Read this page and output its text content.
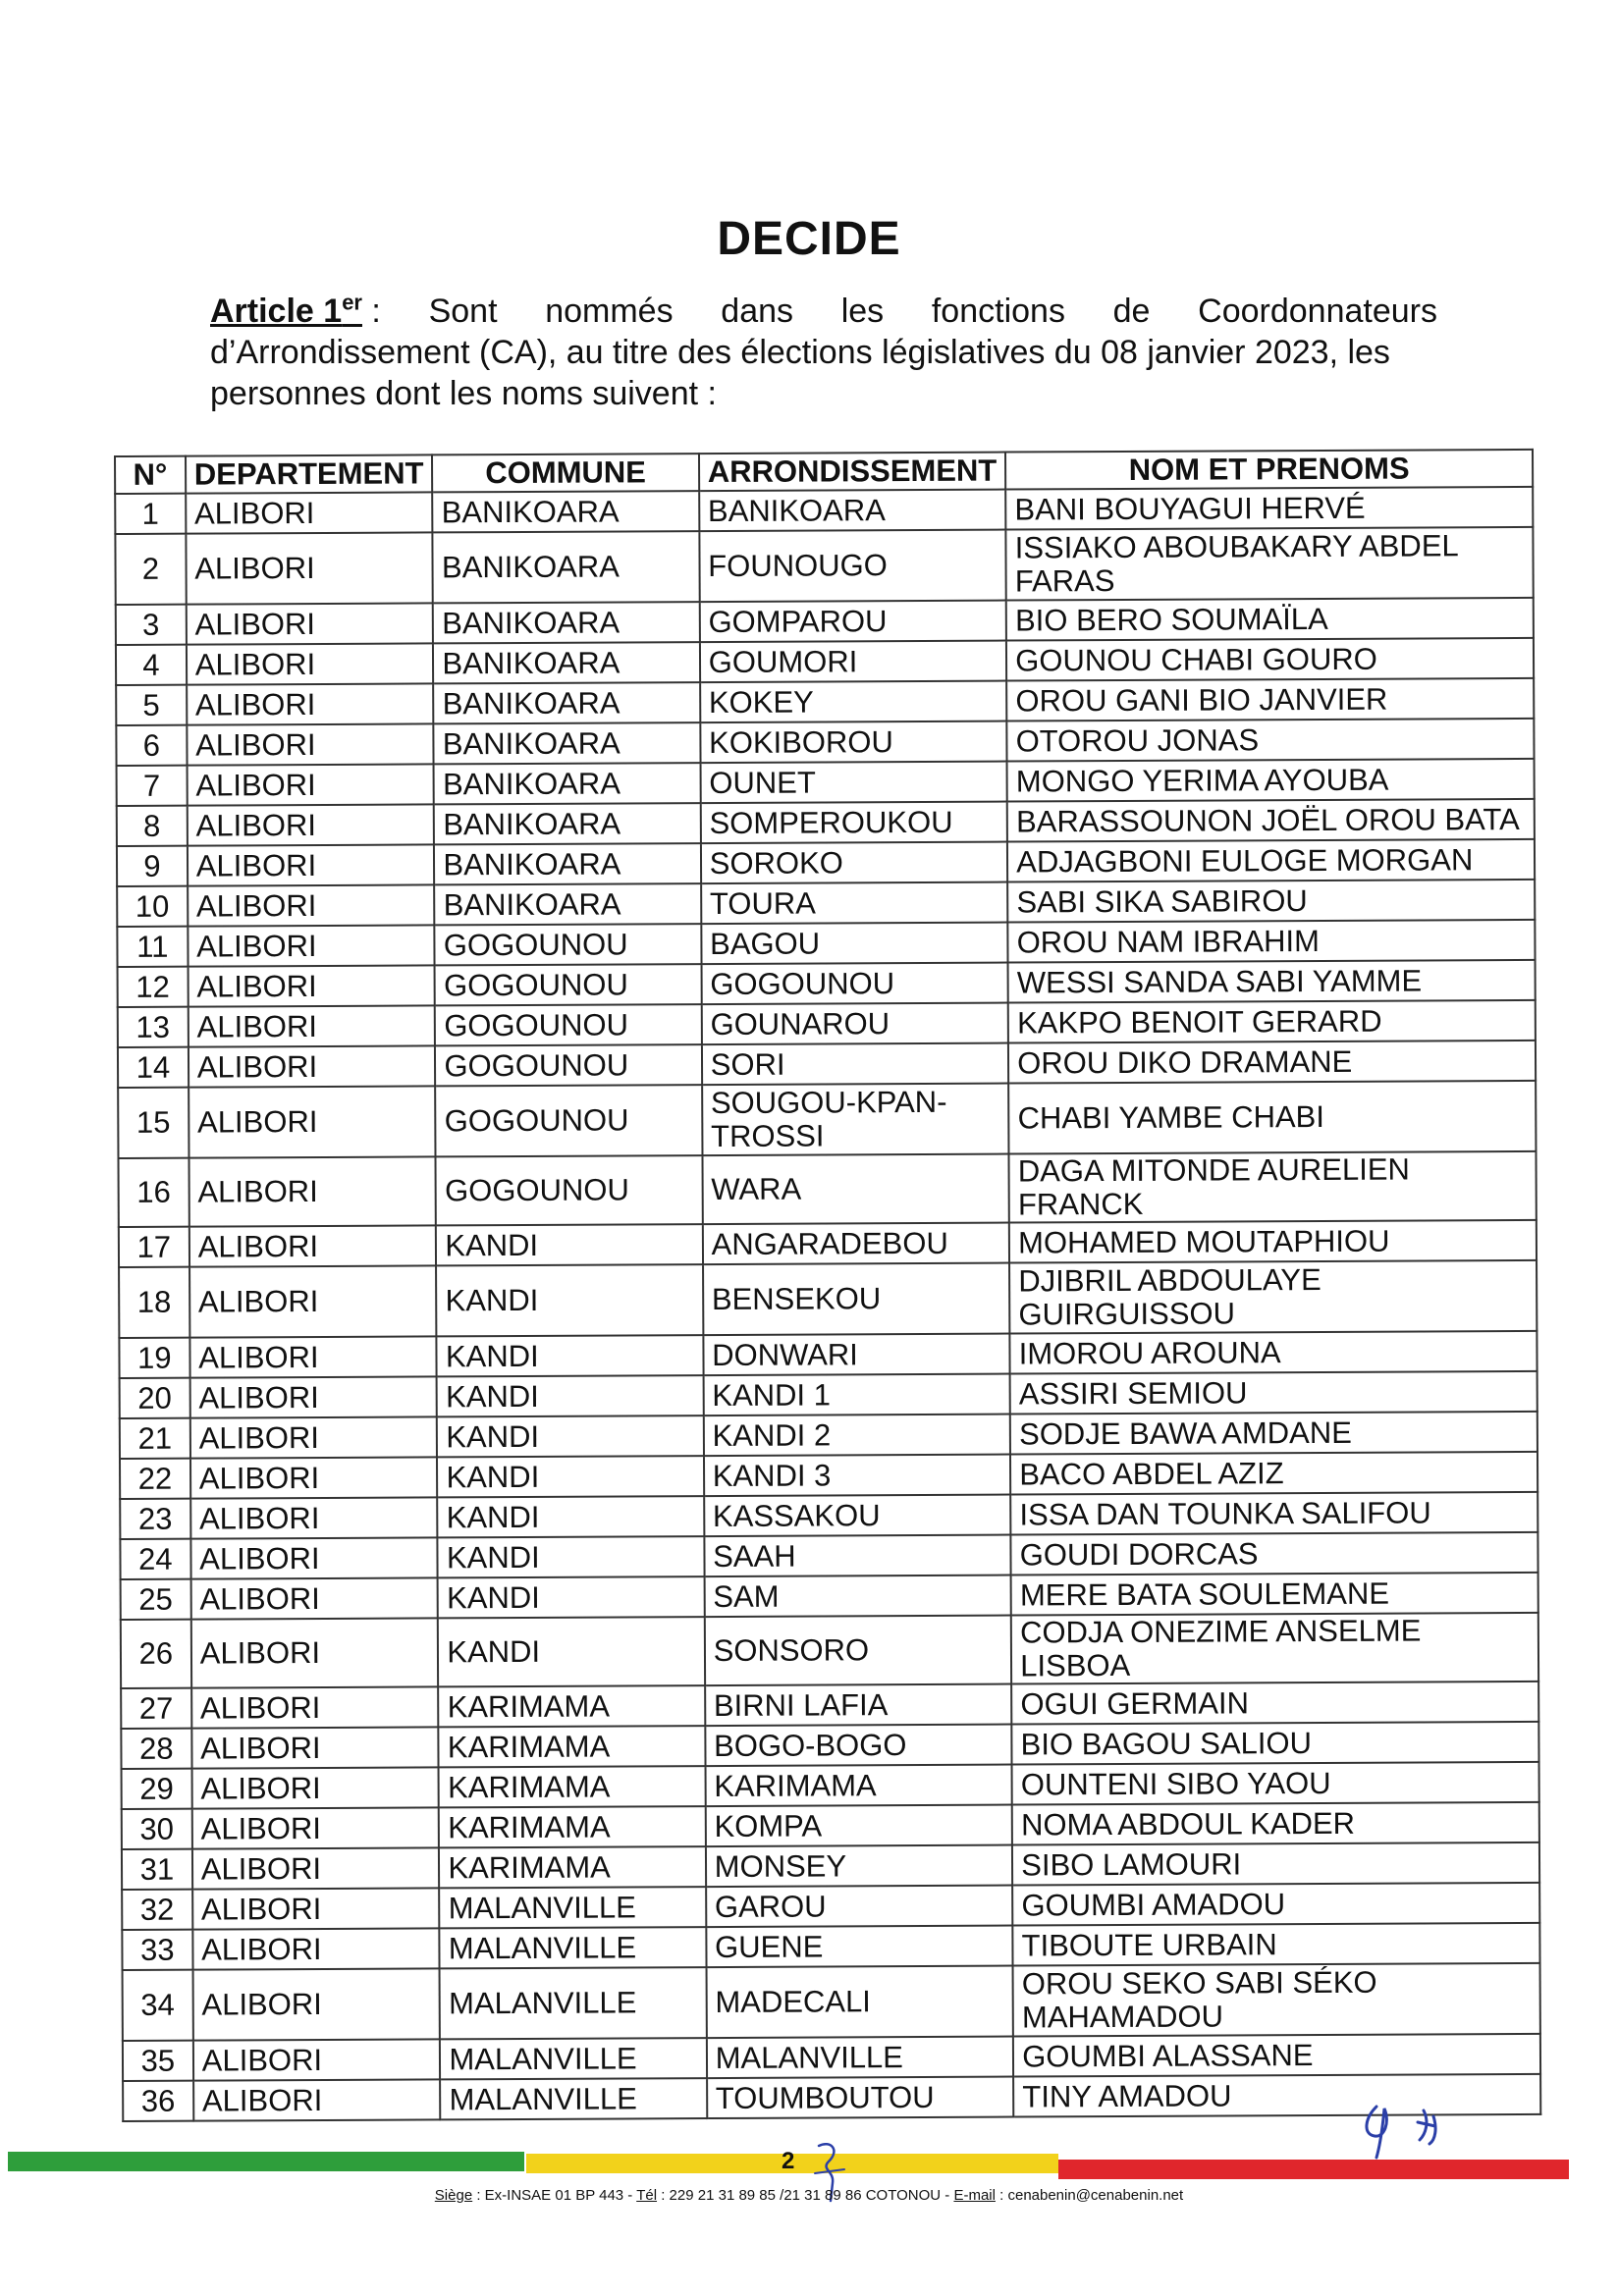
DECIDE
Article 1er : Sont nommés dans les fonctions de Coordonnateurs
d’Arrondissement (CA), au titre des élections législatives du 08 janvier 2023, les
personnes dont les noms suivent :
N°	DEPARTEMENT	COMMUNE	ARRONDISSEMENT	NOM ET PRENOMS
1	ALIBORI	BANIKOARA	BANIKOARA	BANI BOUYAGUI HERVÉ
2	ALIBORI	BANIKOARA	FOUNOUGO	ISSIAKO ABOUBAKARY ABDEL FARAS
3	ALIBORI	BANIKOARA	GOMPAROU	BIO BERO SOUMAÏLA
4	ALIBORI	BANIKOARA	GOUMORI	GOUNOU CHABI GOURO
5	ALIBORI	BANIKOARA	KOKEY	OROU GANI BIO JANVIER
6	ALIBORI	BANIKOARA	KOKIBOROU	OTOROU JONAS
7	ALIBORI	BANIKOARA	OUNET	MONGO YERIMA AYOUBA
8	ALIBORI	BANIKOARA	SOMPEROUKOU	BARASSOUNON JOËL OROU BATA
9	ALIBORI	BANIKOARA	SOROKO	ADJAGBONI EULOGE MORGAN
10	ALIBORI	BANIKOARA	TOURA	SABI SIKA SABIROU
11	ALIBORI	GOGOUNOU	BAGOU	OROU NAM IBRAHIM
12	ALIBORI	GOGOUNOU	GOGOUNOU	WESSI SANDA SABI YAMME
13	ALIBORI	GOGOUNOU	GOUNAROU	KAKPO BENOIT GERARD
14	ALIBORI	GOGOUNOU	SORI	OROU DIKO DRAMANE
15	ALIBORI	GOGOUNOU	SOUGOU-KPAN-TROSSI	CHABI YAMBE CHABI
16	ALIBORI	GOGOUNOU	WARA	DAGA MITONDE AURELIEN FRANCK
17	ALIBORI	KANDI	ANGARADEBOU	MOHAMED MOUTAPHIOU
18	ALIBORI	KANDI	BENSEKOU	DJIBRIL ABDOULAYE GUIRGUISSOU
19	ALIBORI	KANDI	DONWARI	IMOROU AROUNA
20	ALIBORI	KANDI	KANDI 1	ASSIRI SEMIOU
21	ALIBORI	KANDI	KANDI 2	SODJE BAWA AMDANE
22	ALIBORI	KANDI	KANDI 3	BACO ABDEL AZIZ
23	ALIBORI	KANDI	KASSAKOU	ISSA DAN TOUNKA SALIFOU
24	ALIBORI	KANDI	SAAH	GOUDI DORCAS
25	ALIBORI	KANDI	SAM	MERE BATA SOULEMANE
26	ALIBORI	KANDI	SONSORO	CODJA ONEZIME ANSELME LISBOA
27	ALIBORI	KARIMAMA	BIRNI LAFIA	OGUI GERMAIN
28	ALIBORI	KARIMAMA	BOGO-BOGO	BIO BAGOU SALIOU
29	ALIBORI	KARIMAMA	KARIMAMA	OUNTENI SIBO YAOU
30	ALIBORI	KARIMAMA	KOMPA	NOMA ABDOUL KADER
31	ALIBORI	KARIMAMA	MONSEY	SIBO LAMOURI
32	ALIBORI	MALANVILLE	GAROU	GOUMBI AMADOU
33	ALIBORI	MALANVILLE	GUENE	TIBOUTE URBAIN
34	ALIBORI	MALANVILLE	MADECALI	OROU SEKO SABI SÉKO MAHAMADOU
35	ALIBORI	MALANVILLE	MALANVILLE	GOUMBI ALASSANE
36	ALIBORI	MALANVILLE	TOUMBOUTOU	TINY AMADOU
2
Siège : Ex-INSAE 01 BP 443 - Tél : 229 21 31 89 85 /21 31 89 86 COTONOU - E-mail : cenabenin@cenabenin.net
